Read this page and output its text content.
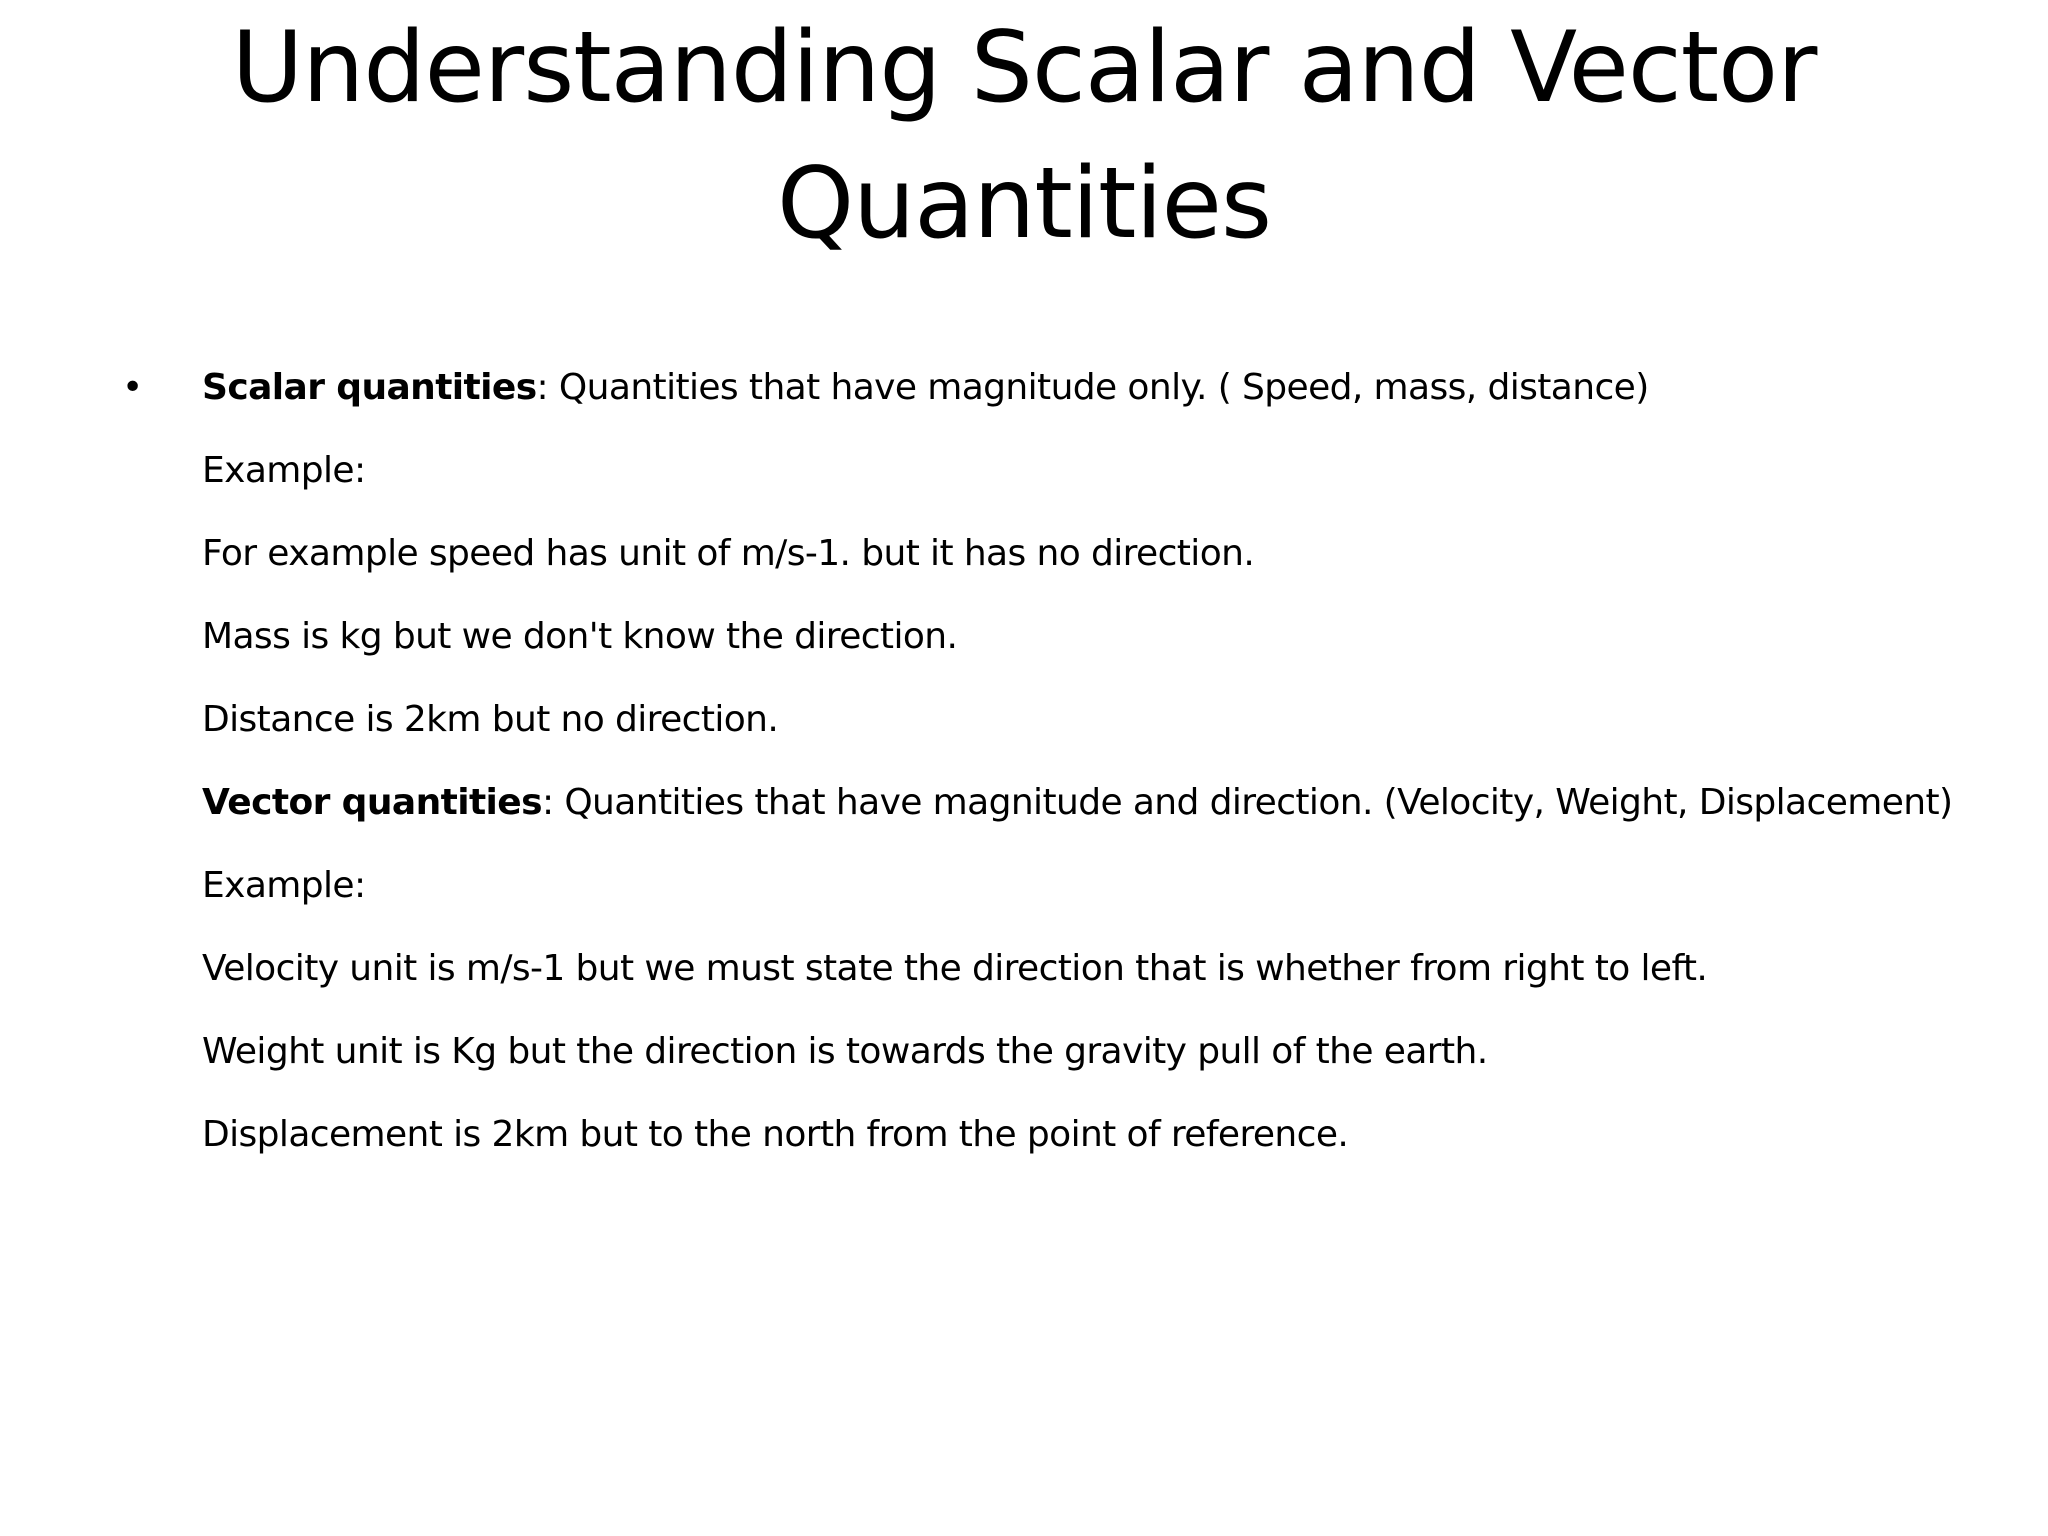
Understanding Scalar and Vector
Quantities
• Scalar quantities: Quantities that have magnitude only. ( Speed, mass, distance)
Example:
For example speed has unit of m/s-1. but it has no direction.
Mass is kg but we don't know the direction.
Distance is 2km but no direction.
Vector quantities: Quantities that have magnitude and direction. (Velocity, Weight, Displacement)
Example:
Velocity unit is m/s-1 but we must state the direction that is whether from right to left.
Weight unit is Kg but the direction is towards the gravity pull of the earth.
Displacement is 2km but to the north from the point of reference.
